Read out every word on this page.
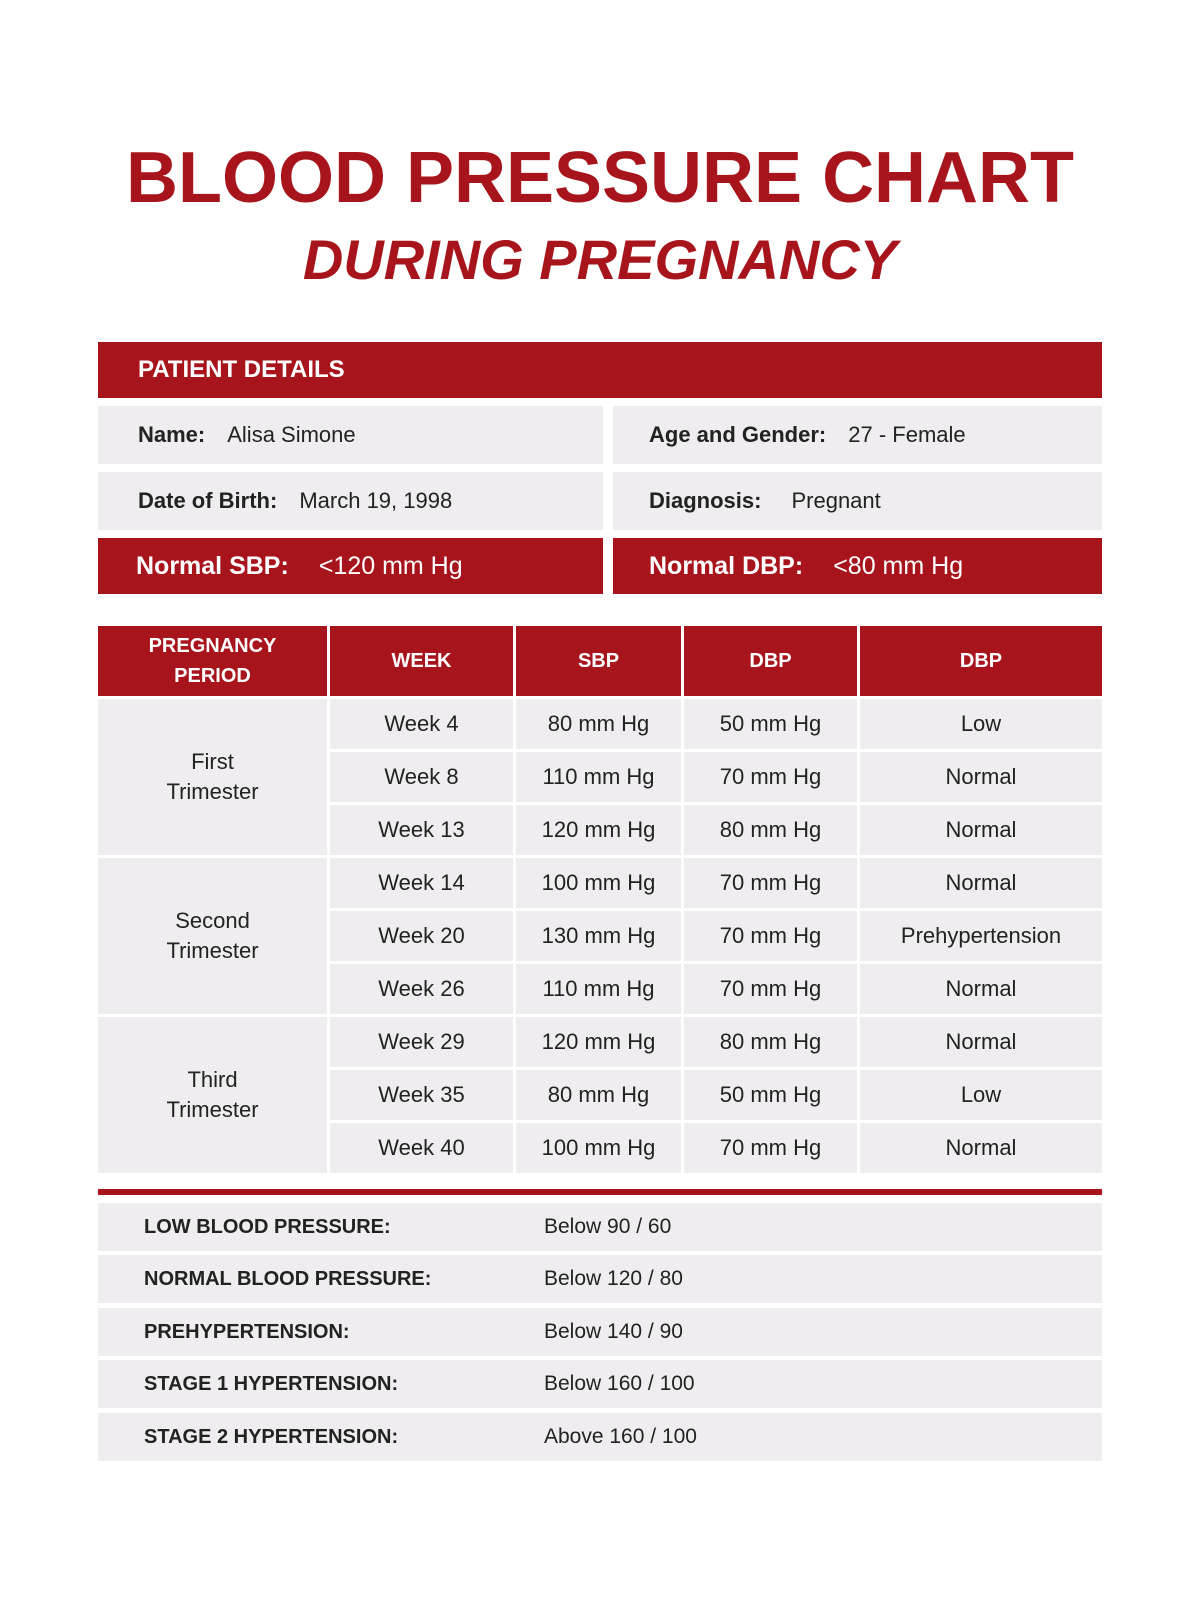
BLOOD PRESSURE CHART
DURING PREGNANCY
PATIENT DETAILS
Name: Alisa Simone	Age and Gender: 27 - Female
Date of Birth: March 19, 1998	Diagnosis: Pregnant
Normal SBP: <120 mm Hg	Normal DBP: <80 mm Hg
PREGNANCY
PERIOD	WEEK	SBP	DBP	DBP

First
Trimester	Week 4	80 mm Hg	50 mm Hg	Low
	Week 8	110 mm Hg	70 mm Hg	Normal
	Week 13	120 mm Hg	80 mm Hg	Normal

Second
Trimester	Week 14	100 mm Hg	70 mm Hg	Normal
	Week 20	130 mm Hg	70 mm Hg	Prehypertension
	Week 26	110 mm Hg	70 mm Hg	Normal

Third
Trimester	Week 29	120 mm Hg	80 mm Hg	Normal
	Week 35	80 mm Hg	50 mm Hg	Low
	Week 40	100 mm Hg	70 mm Hg	Normal
LOW BLOOD PRESSURE:	Below 90 / 60
NORMAL BLOOD PRESSURE:	Below 120 / 80
PREHYPERTENSION:	Below 140 / 90
STAGE 1 HYPERTENSION:	Below 160 / 100
STAGE 2 HYPERTENSION:	Above 160 / 100
